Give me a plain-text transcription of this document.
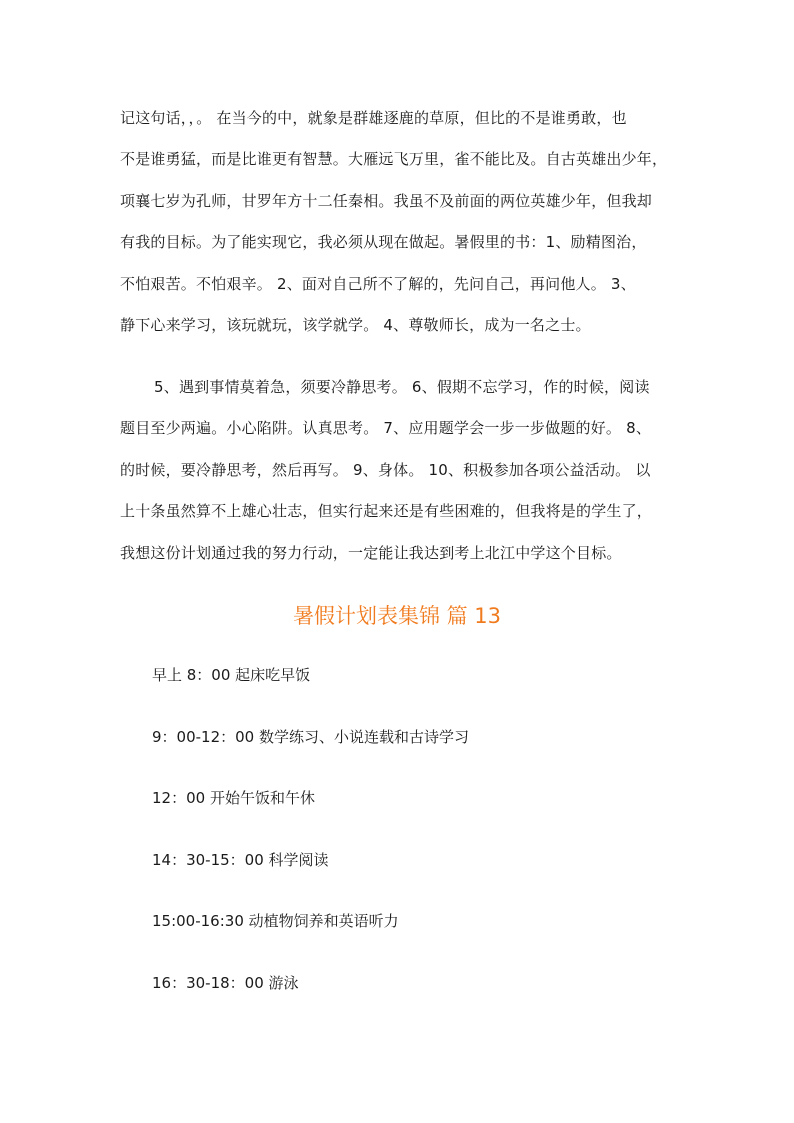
记这句话，，。 在当今的中，就象是群雄逐鹿的草原，但比的不是谁勇敢，也
不是谁勇猛，而是比谁更有智慧。大雁远飞万里，雀不能比及。自古英雄出少年，
项襄七岁为孔师，甘罗年方十二任秦相。我虽不及前面的两位英雄少年，但我却
有我的目标。为了能实现它，我必须从现在做起。暑假里的书：1、励精图治，
不怕艰苦。不怕艰辛。 2、面对自己所不了解的，先问自己，再问他人。 3、
静下心来学习，该玩就玩，该学就学。 4、尊敬师长，成为一名之士。

5、遇到事情莫着急，须要冷静思考。 6、假期不忘学习，作的时候，阅读
题目至少两遍。小心陷阱。认真思考。 7、应用题学会一步一步做题的好。 8、
的时候，要冷静思考，然后再写。 9、身体。 10、积极参加各项公益活动。 以
上十条虽然算不上雄心壮志，但实行起来还是有些困难的，但我将是的学生了，
我想这份计划通过我的努力行动，一定能让我达到考上北江中学这个目标。

暑假计划表集锦 篇 13
早上 8：00 起床吃早饭
9：00-12：00 数学练习、小说连载和古诗学习
12：00 开始午饭和午休
14：30-15：00 科学阅读
15:00-16:30 动植物饲养和英语听力
16：30-18：00 游泳
